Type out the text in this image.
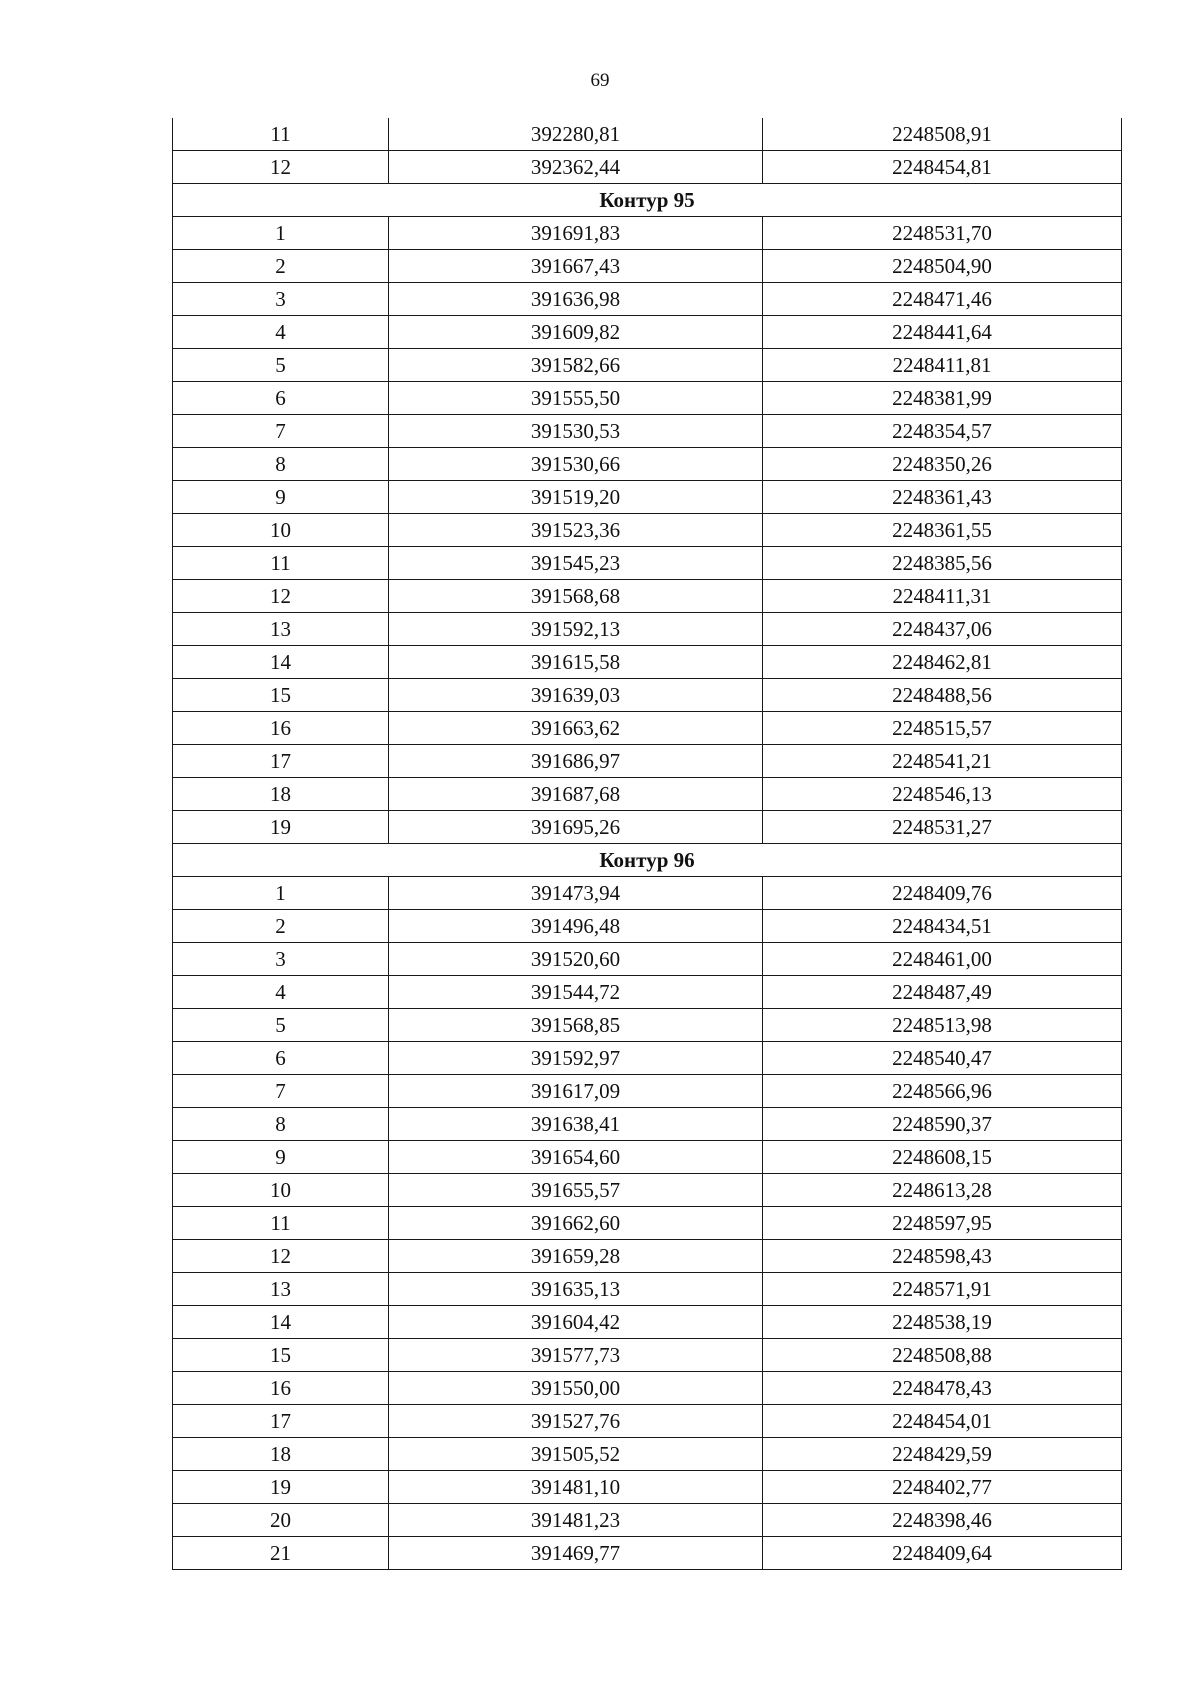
69
11	392280,81	2248508,91
12	392362,44	2248454,81
Контур 95		
1	391691,83	2248531,70
2	391667,43	2248504,90
3	391636,98	2248471,46
4	391609,82	2248441,64
5	391582,66	2248411,81
6	391555,50	2248381,99
7	391530,53	2248354,57
8	391530,66	2248350,26
9	391519,20	2248361,43
10	391523,36	2248361,55
11	391545,23	2248385,56
12	391568,68	2248411,31
13	391592,13	2248437,06
14	391615,58	2248462,81
15	391639,03	2248488,56
16	391663,62	2248515,57
17	391686,97	2248541,21
18	391687,68	2248546,13
19	391695,26	2248531,27
Контур 96		
1	391473,94	2248409,76
2	391496,48	2248434,51
3	391520,60	2248461,00
4	391544,72	2248487,49
5	391568,85	2248513,98
6	391592,97	2248540,47
7	391617,09	2248566,96
8	391638,41	2248590,37
9	391654,60	2248608,15
10	391655,57	2248613,28
11	391662,60	2248597,95
12	391659,28	2248598,43
13	391635,13	2248571,91
14	391604,42	2248538,19
15	391577,73	2248508,88
16	391550,00	2248478,43
17	391527,76	2248454,01
18	391505,52	2248429,59
19	391481,10	2248402,77
20	391481,23	2248398,46
21	391469,77	2248409,64
